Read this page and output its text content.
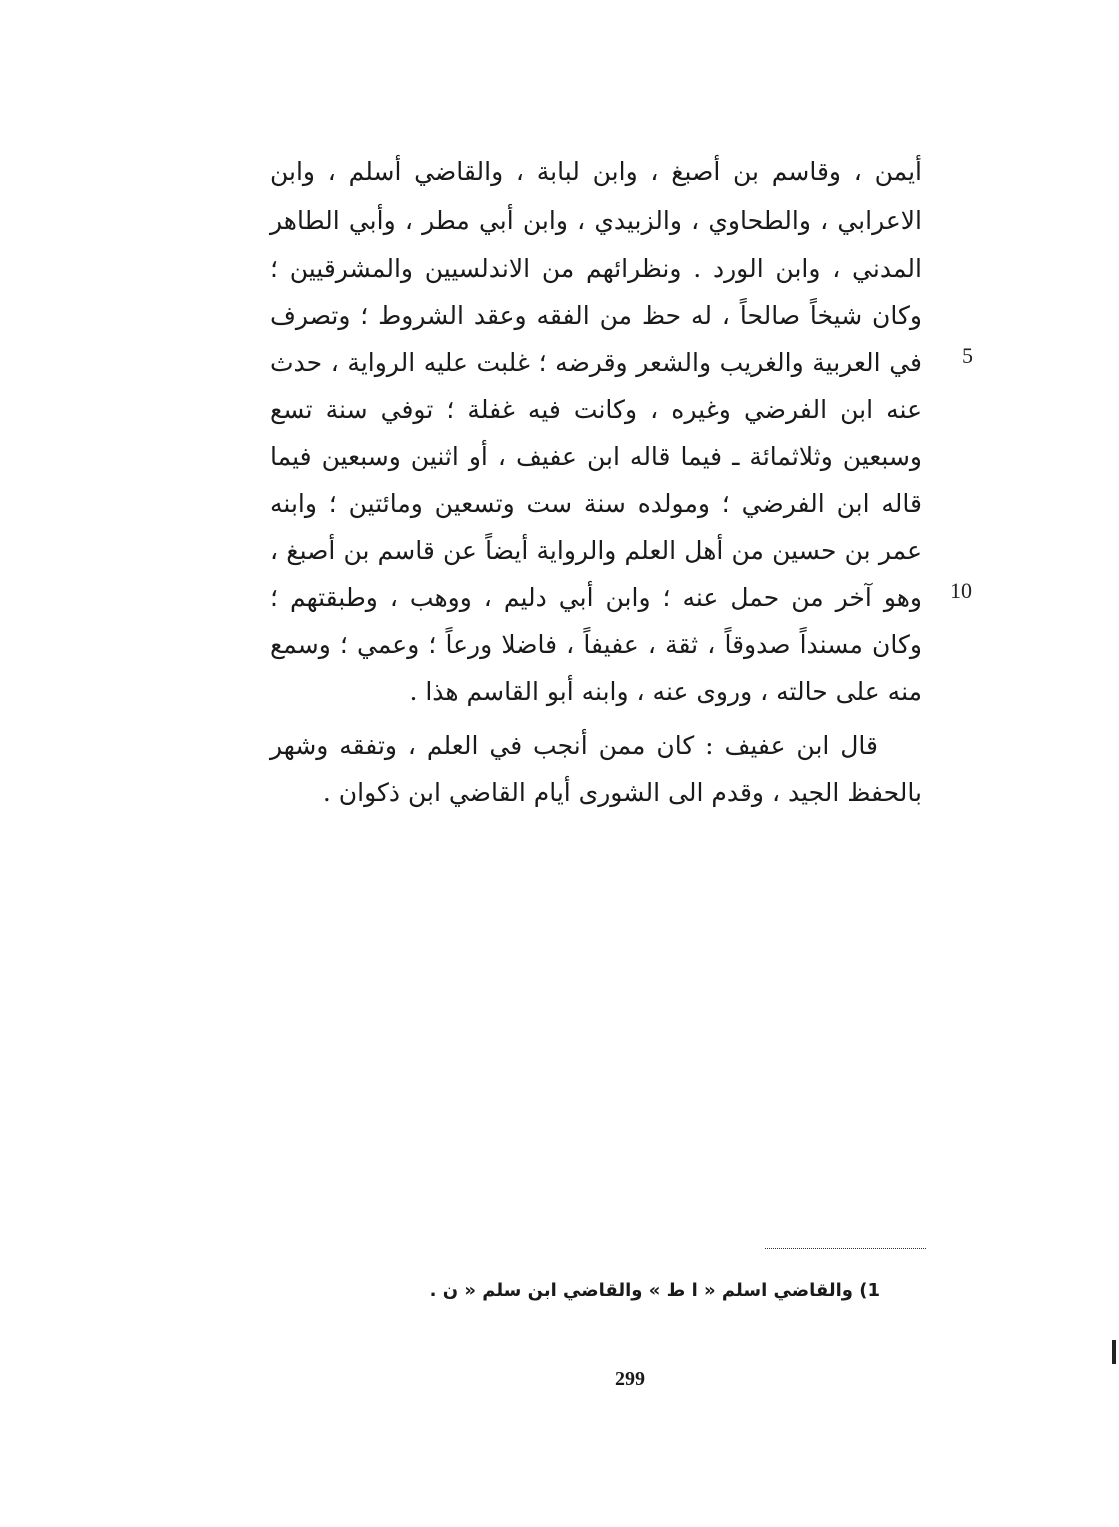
أيمن ، وقاسم بن أصبغ ، وابن لبابة ، والقاضي أسلم ، وابن
الاعرابي ، والطحاوي ، والزبيدي ، وابن أبي مطر ، وأبي الطاهر
المدني ، وابن الورد . ونظرائهم من الاندلسيين والمشرقيين ؛
وكان شيخاً صالحاً ، له حظ من الفقه وعقد الشروط ؛ وتصرف
في العربية والغريب والشعر وقرضه ؛ غلبت عليه الرواية ، حدث
عنه ابن الفرضي وغيره ، وكانت فيه غفلة ؛ توفي سنة تسع
وسبعين وثلاثمائة ـ فيما قاله ابن عفيف ، أو اثنين وسبعين فيما
قاله ابن الفرضي ؛ ومولده سنة ست وتسعين ومائتين ؛ وابنه
عمر بن حسين من أهل العلم والرواية أيضاً عن قاسم بن أصبغ ،
وهو آخر من حمل عنه ؛ وابن أبي دليم ، ووهب ، وطبقتهم ؛
وكان مسنداً صدوقاً ، ثقة ، عفيفاً ، فاضلا ورعاً ؛ وعمي ؛ وسمع
منه على حالته ، وروى عنه ، وابنه أبو القاسم هذا .
قال ابن عفيف : كان ممن أنجب في العلم ، وتفقه وشهر
بالحفظ الجيد ، وقدم الى الشورى أيام القاضي ابن ذكوان .
5
10
1) والقاضي اسلم « ا ط » والقاضي ابن سلم « ن .
299
